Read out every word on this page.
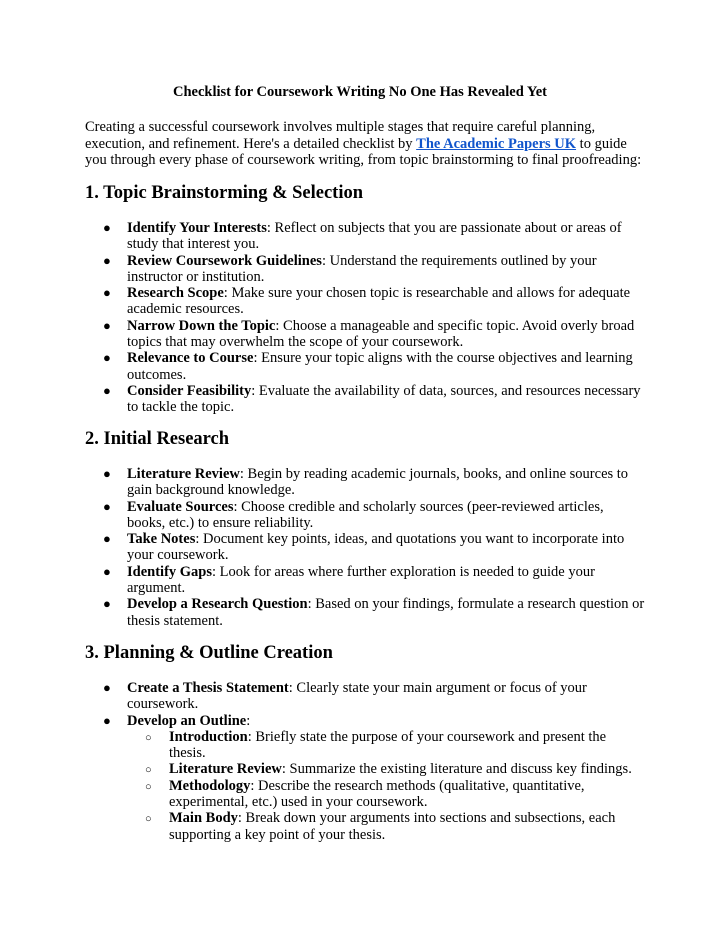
Checklist for Coursework Writing No One Has Revealed Yet

Creating a successful coursework involves multiple stages that require careful planning, execution, and refinement. Here's a detailed checklist by The Academic Papers UK to guide you through every phase of coursework writing, from topic brainstorming to final proofreading:

1. Topic Brainstorming & Selection
● Identify Your Interests: Reflect on subjects that you are passionate about or areas of study that interest you.
● Review Coursework Guidelines: Understand the requirements outlined by your instructor or institution.
● Research Scope: Make sure your chosen topic is researchable and allows for adequate academic resources.
● Narrow Down the Topic: Choose a manageable and specific topic. Avoid overly broad topics that may overwhelm the scope of your coursework.
● Relevance to Course: Ensure your topic aligns with the course objectives and learning outcomes.
● Consider Feasibility: Evaluate the availability of data, sources, and resources necessary to tackle the topic.
2. Initial Research
● Literature Review: Begin by reading academic journals, books, and online sources to gain background knowledge.
● Evaluate Sources: Choose credible and scholarly sources (peer-reviewed articles, books, etc.) to ensure reliability.
● Take Notes: Document key points, ideas, and quotations you want to incorporate into your coursework.
● Identify Gaps: Look for areas where further exploration is needed to guide your argument.
● Develop a Research Question: Based on your findings, formulate a research question or thesis statement.
3. Planning & Outline Creation
● Create a Thesis Statement: Clearly state your main argument or focus of your coursework.
● Develop an Outline:
○ Introduction: Briefly state the purpose of your coursework and present the thesis.
○ Literature Review: Summarize the existing literature and discuss key findings.
○ Methodology: Describe the research methods (qualitative, quantitative, experimental, etc.) used in your coursework.
○ Main Body: Break down your arguments into sections and subsections, each supporting a key point of your thesis.
